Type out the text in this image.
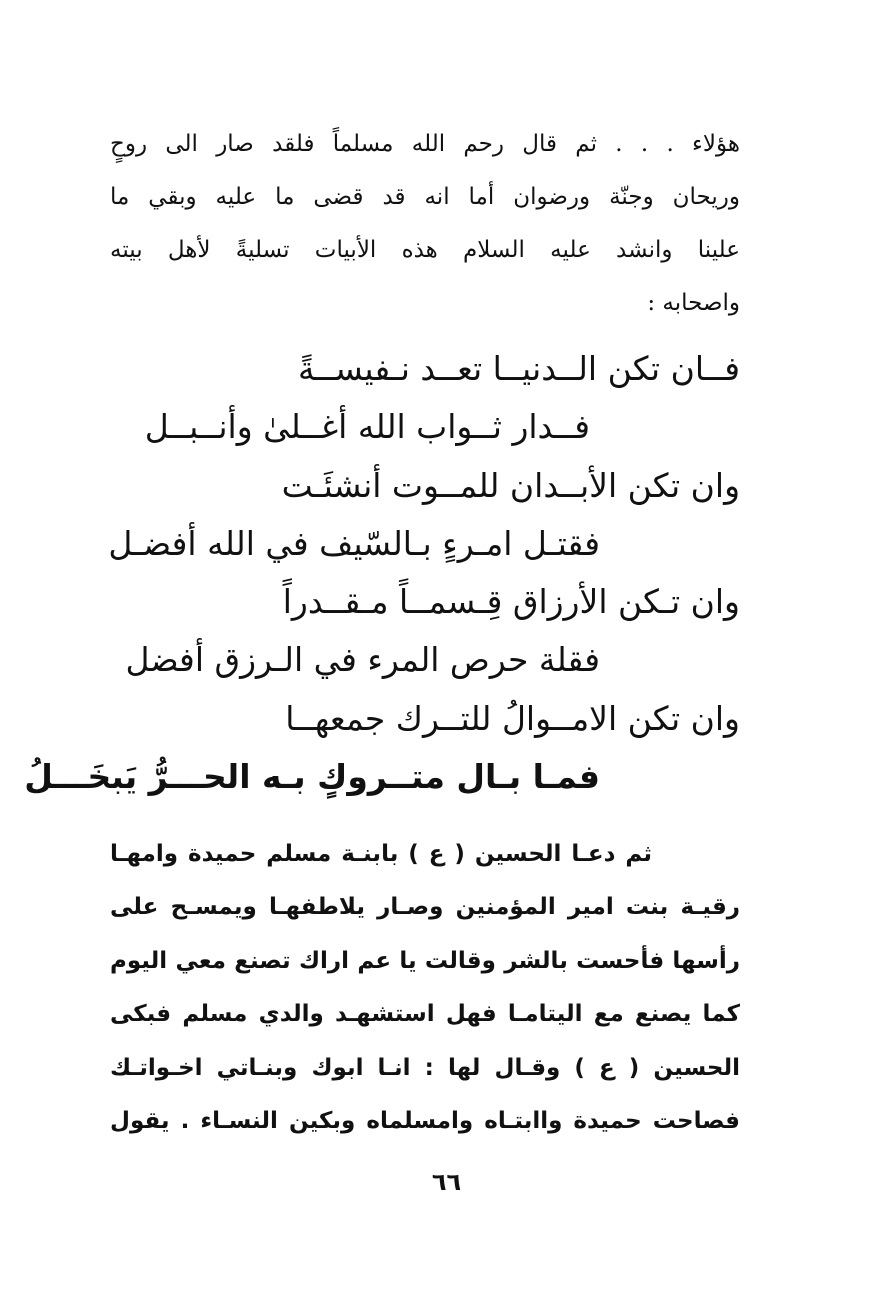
هؤلاء . . . ثم قال رحم الله مسلماً فلقد صار الى روحٍ
وريحان وجنّة ورضوان أما انه قد قضى ما عليه وبقي ما
علينا وانشد عليه السلام هذه الأبيات تسليةً لأهل بيته
واصحابه :
فــان تكن الــدنيــا تعــد نـفيســةً
فــدار ثــواب الله أغــلىٰ وأنــبــل
وان تكن الأبــدان للمــوت أنشئَـت
فقتـل امـرءٍ بـالسّيف في الله أفضـل
وان تـكن الأرزاق قِـسمــاً مـقــدراً
فقلة حرص المرء في الـرزق أفضل
وان تكن الامــوالُ للتــرك جمعهــا
فمـا بـال متــروكٍ بـه الحـــرُّ يَبخَـــلُ
ثم دعـا الحسين ( ع ) بابنـة مسلم حميدة وامهـا
رقيـة بنت امير المؤمنين وصـار يلاطفهـا ويمسـح على
رأسها فأحست بالشر وقالت يا عم اراك تصنع معي اليوم
كما يصنع مع اليتامـا فهل استشهـد والدي مسلم فبكى
الحسين ( ع ) وقـال لها : انـا ابوك وبنـاتي اخـواتـك
فصاحت حميدة واابتـاه وامسلماه وبكين النسـاء . يقول
٦٦
